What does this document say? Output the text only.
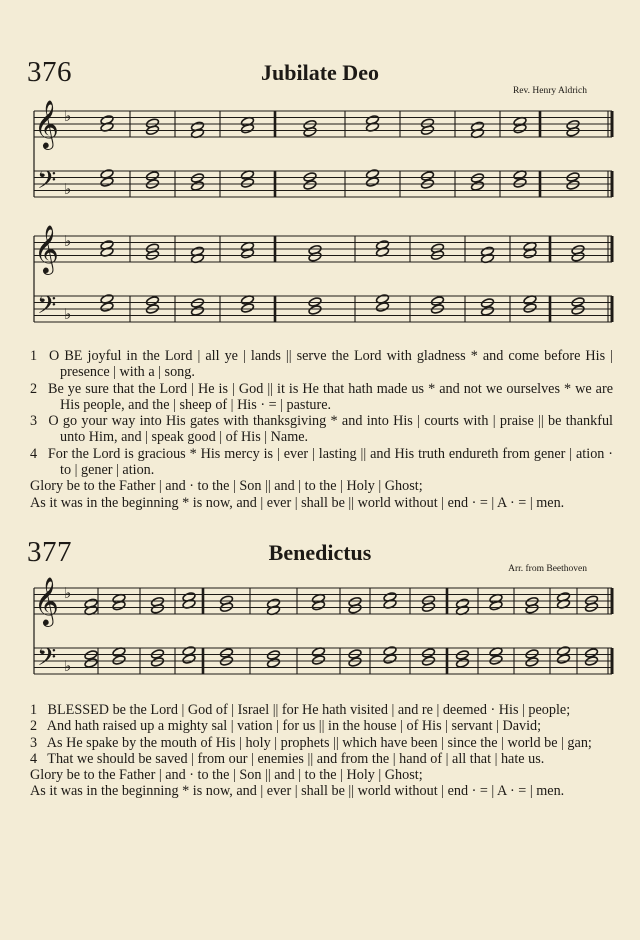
376	Jubilate Deo
Rev. Henry Aldrich
𝄞
𝄢
♭
♭
𝄞
𝄢
♭
♭
1 O BE joyful in the Lord | all ye | lands || serve the Lord with gladness * and come before His | presence | with a | song.
2 Be ye sure that the Lord | He is | God || it is He that hath made us * and not we ourselves * we are His people, and the | sheep of | His · = | pasture.
3 O go your way into His gates with thanksgiving * and into His | courts with | praise || be thankful unto Him, and | speak good | of His | Name.
4 For the Lord is gracious * His mercy is | ever | lasting || and His truth endureth from gener | ation · to | gener | ation.
Glory be to the Father | and · to the | Son || and | to the | Holy | Ghost;
As it was in the beginning * is now, and | ever | shall be || world without | end · = | A · = | men.
377	Benedictus
Arr. from Beethoven
𝄞
𝄢
♭
♭
1 BLESSED be the Lord | God of | Israel || for He hath visited | and re | deemed · His | people;
2 And hath raised up a mighty sal | vation | for us || in the house | of His | servant | David;
3 As He spake by the mouth of His | holy | prophets || which have been | since the | world be | gan;
4 That we should be saved | from our | enemies || and from the | hand of | all that | hate us.
Glory be to the Father | and · to the | Son || and | to the | Holy | Ghost;
As it was in the beginning * is now, and | ever | shall be || world without | end · = | A · = | men.
